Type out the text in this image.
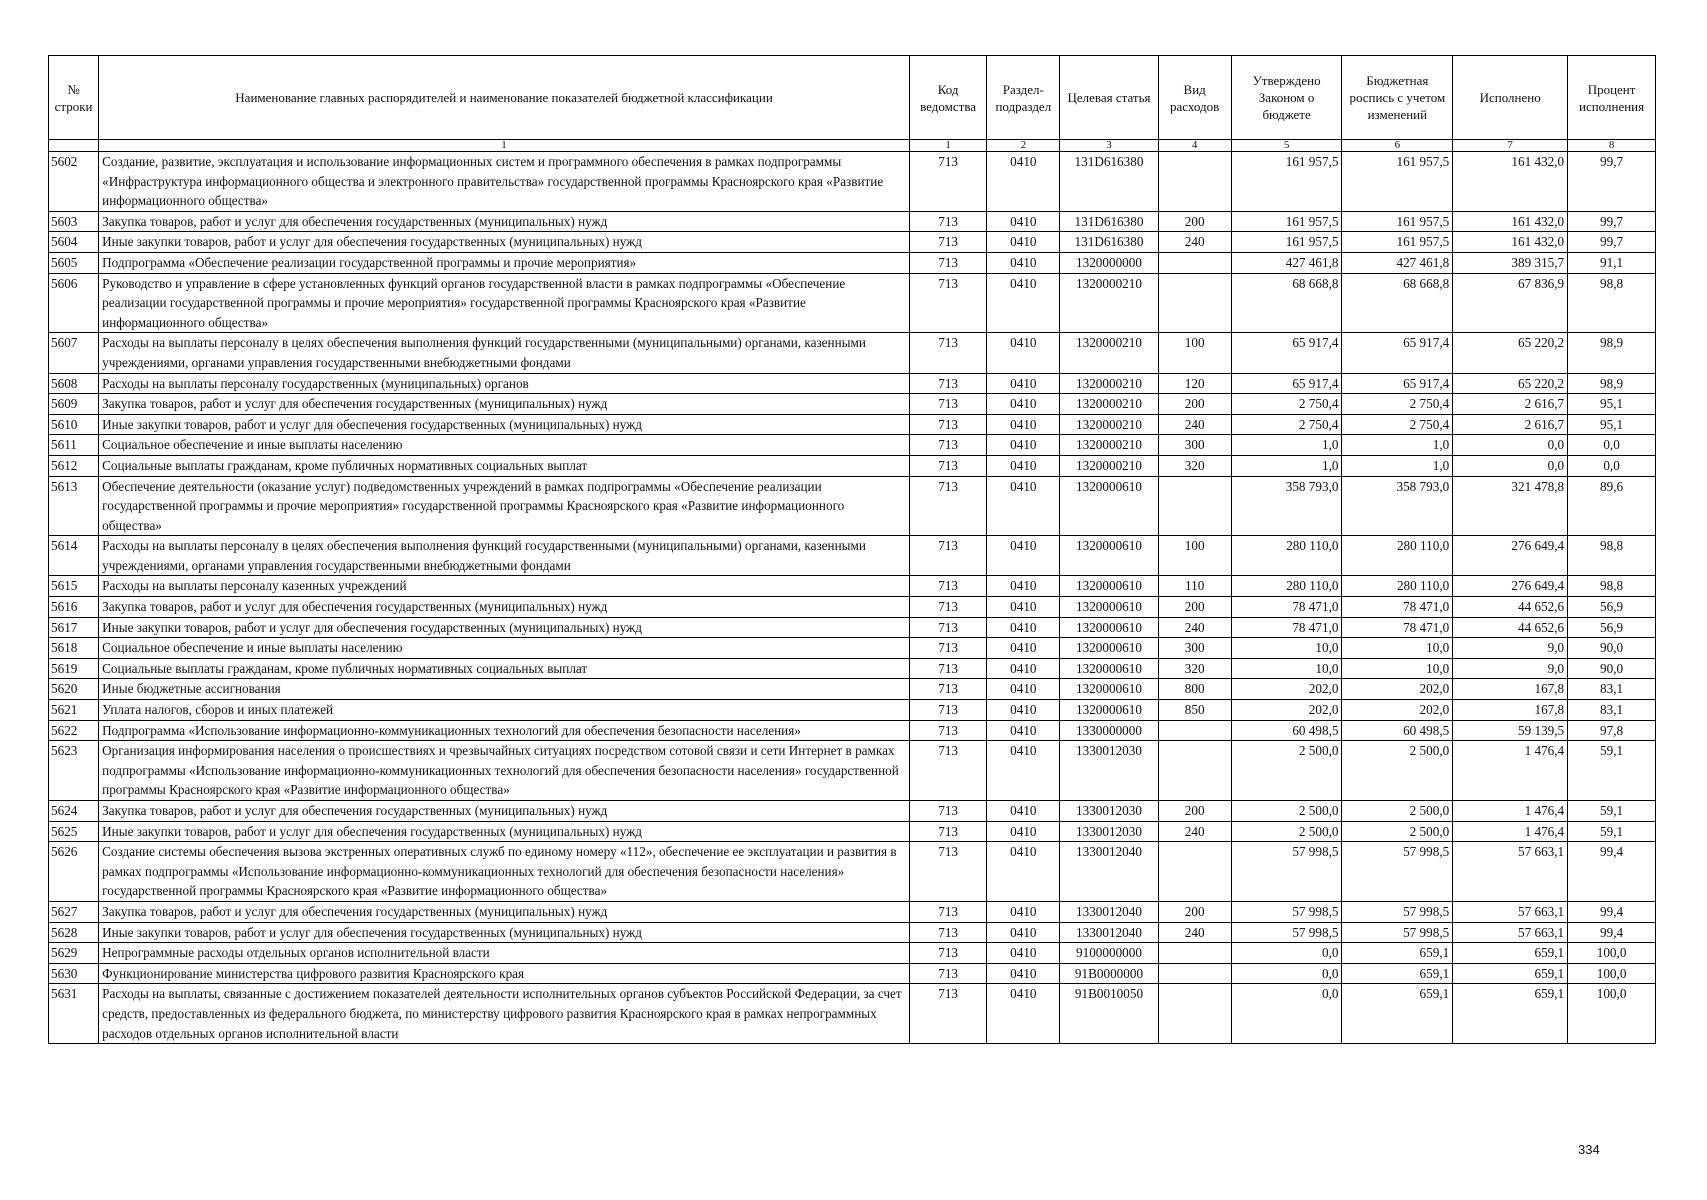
№ строки	Наименование главных распорядителей и наименование показателей бюджетной классификации	Код ведомства	Раздел-подраздел	Целевая статья	Вид расходов	Утверждено Законом о бюджете	Бюджетная роспись с учетом изменений	Исполнено	Процент исполнения
	1	1	2	3	4	5	6	7	8
5602	Создание, развитие, эксплуатация и использование информационных систем и программного обеспечения в рамках подпрограммы «Инфраструктура информационного общества и электронного правительства» государственной программы Красноярского края «Развитие информационного общества»	713	0410	131D616380		161 957,5	161 957,5	161 432,0	99,7
5603	Закупка товаров, работ и услуг для обеспечения государственных (муниципальных) нужд	713	0410	131D616380	200	161 957,5	161 957,5	161 432,0	99,7
5604	Иные закупки товаров, работ и услуг для обеспечения государственных (муниципальных) нужд	713	0410	131D616380	240	161 957,5	161 957,5	161 432,0	99,7
5605	Подпрограмма «Обеспечение реализации государственной программы и прочие мероприятия»	713	0410	1320000000		427 461,8	427 461,8	389 315,7	91,1
5606	Руководство и управление в сфере установленных функций органов государственной власти в рамках подпрограммы «Обеспечение реализации государственной программы и прочие мероприятия» государственной программы Красноярского края «Развитие информационного общества»	713	0410	1320000210		68 668,8	68 668,8	67 836,9	98,8
5607	Расходы на выплаты персоналу в целях обеспечения выполнения функций государственными (муниципальными) органами, казенными учреждениями, органами управления государственными внебюджетными фондами	713	0410	1320000210	100	65 917,4	65 917,4	65 220,2	98,9
5608	Расходы на выплаты персоналу государственных (муниципальных) органов	713	0410	1320000210	120	65 917,4	65 917,4	65 220,2	98,9
5609	Закупка товаров, работ и услуг для обеспечения государственных (муниципальных) нужд	713	0410	1320000210	200	2 750,4	2 750,4	2 616,7	95,1
5610	Иные закупки товаров, работ и услуг для обеспечения государственных (муниципальных) нужд	713	0410	1320000210	240	2 750,4	2 750,4	2 616,7	95,1
5611	Социальное обеспечение и иные выплаты населению	713	0410	1320000210	300	1,0	1,0	0,0	0,0
5612	Социальные выплаты гражданам, кроме публичных нормативных социальных выплат	713	0410	1320000210	320	1,0	1,0	0,0	0,0
5613	Обеспечение деятельности (оказание услуг) подведомственных учреждений в рамках подпрограммы «Обеспечение реализации государственной программы и прочие мероприятия» государственной программы Красноярского края «Развитие информационного общества»	713	0410	1320000610		358 793,0	358 793,0	321 478,8	89,6
5614	Расходы на выплаты персоналу в целях обеспечения выполнения функций государственными (муниципальными) органами, казенными учреждениями, органами управления государственными внебюджетными фондами	713	0410	1320000610	100	280 110,0	280 110,0	276 649,4	98,8
5615	Расходы на выплаты персоналу казенных учреждений	713	0410	1320000610	110	280 110,0	280 110,0	276 649,4	98,8
5616	Закупка товаров, работ и услуг для обеспечения государственных (муниципальных) нужд	713	0410	1320000610	200	78 471,0	78 471,0	44 652,6	56,9
5617	Иные закупки товаров, работ и услуг для обеспечения государственных (муниципальных) нужд	713	0410	1320000610	240	78 471,0	78 471,0	44 652,6	56,9
5618	Социальное обеспечение и иные выплаты населению	713	0410	1320000610	300	10,0	10,0	9,0	90,0
5619	Социальные выплаты гражданам, кроме публичных нормативных социальных выплат	713	0410	1320000610	320	10,0	10,0	9,0	90,0
5620	Иные бюджетные ассигнования	713	0410	1320000610	800	202,0	202,0	167,8	83,1
5621	Уплата налогов, сборов и иных платежей	713	0410	1320000610	850	202,0	202,0	167,8	83,1
5622	Подпрограмма «Использование информационно-коммуникационных технологий для обеспечения безопасности населения»	713	0410	1330000000		60 498,5	60 498,5	59 139,5	97,8
5623	Организация информирования населения о происшествиях и чрезвычайных ситуациях посредством сотовой связи и сети Интернет в рамках подпрограммы «Использование информационно-коммуникационных технологий для обеспечения безопасности населения» государственной программы Красноярского края «Развитие информационного общества»	713	0410	1330012030		2 500,0	2 500,0	1 476,4	59,1
5624	Закупка товаров, работ и услуг для обеспечения государственных (муниципальных) нужд	713	0410	1330012030	200	2 500,0	2 500,0	1 476,4	59,1
5625	Иные закупки товаров, работ и услуг для обеспечения государственных (муниципальных) нужд	713	0410	1330012030	240	2 500,0	2 500,0	1 476,4	59,1
5626	Создание системы обеспечения вызова экстренных оперативных служб по единому номеру «112», обеспечение ее эксплуатации и развития в рамках подпрограммы «Использование информационно-коммуникационных технологий для обеспечения безопасности населения» государственной программы Красноярского края «Развитие информационного общества»	713	0410	1330012040		57 998,5	57 998,5	57 663,1	99,4
5627	Закупка товаров, работ и услуг для обеспечения государственных (муниципальных) нужд	713	0410	1330012040	200	57 998,5	57 998,5	57 663,1	99,4
5628	Иные закупки товаров, работ и услуг для обеспечения государственных (муниципальных) нужд	713	0410	1330012040	240	57 998,5	57 998,5	57 663,1	99,4
5629	Непрограммные расходы отдельных органов исполнительной власти	713	0410	9100000000		0,0	659,1	659,1	100,0
5630	Функционирование министерства цифрового развития Красноярского края	713	0410	91B0000000		0,0	659,1	659,1	100,0
5631	Расходы на выплаты, связанные с достижением показателей деятельности исполнительных органов субъектов Российской Федерации, за счет средств, предоставленных из федерального бюджета, по министерству цифрового развития Красноярского края в рамках непрограммных расходов отдельных органов исполнительной власти	713	0410	91B0010050		0,0	659,1	659,1	100,0
334
